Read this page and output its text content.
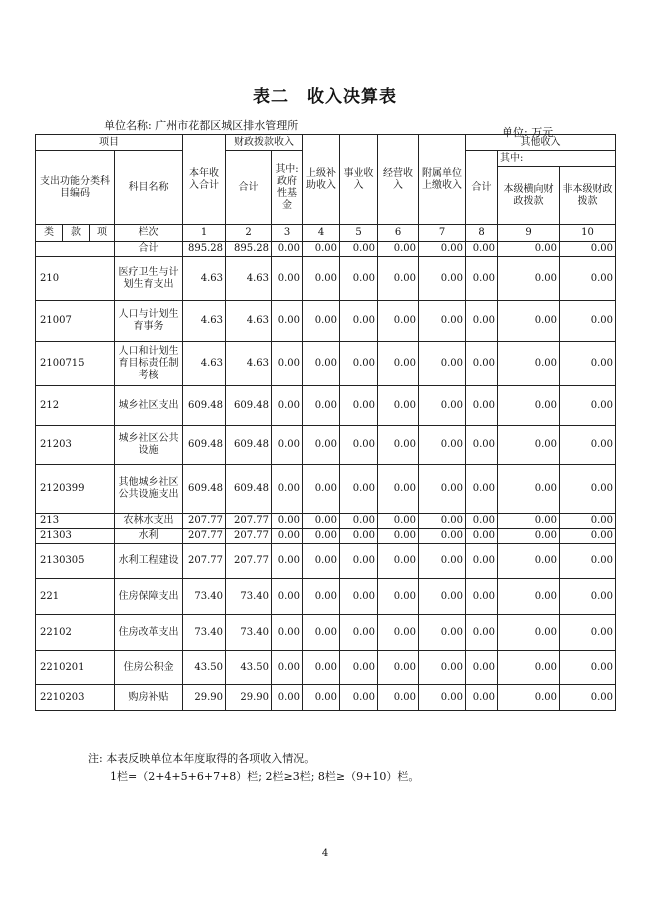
表二　收入决算表
单位名称: 广州市花都区城区排水管理所
单位: 万元
项目				本年收入合计	财政拨款收入		上级补助收入	事业收入	经营收入	附属单位上缴收入	其他收入		
支出功能分类科目编码			科目名称		合计	其中:政府性基金					合计	其中:	
												本级横向财政拨款	非本级财政拨款
类	款	项	栏次	1	2	3	4	5	6	7	8	9	10
			合计	895.28	895.28	0.00	0.00	0.00	0.00	0.00	0.00	0.00	0.00
210			医疗卫生与计划生育支出	4.63	4.63	0.00	0.00	0.00	0.00	0.00	0.00	0.00	0.00
21007			人口与计划生育事务	4.63	4.63	0.00	0.00	0.00	0.00	0.00	0.00	0.00	0.00
2100715			人口和计划生育目标责任制考核	4.63	4.63	0.00	0.00	0.00	0.00	0.00	0.00	0.00	0.00
212			城乡社区支出	609.48	609.48	0.00	0.00	0.00	0.00	0.00	0.00	0.00	0.00
21203			城乡社区公共设施	609.48	609.48	0.00	0.00	0.00	0.00	0.00	0.00	0.00	0.00
2120399			其他城乡社区公共设施支出	609.48	609.48	0.00	0.00	0.00	0.00	0.00	0.00	0.00	0.00
213			农林水支出	207.77	207.77	0.00	0.00	0.00	0.00	0.00	0.00	0.00	0.00
21303			水利	207.77	207.77	0.00	0.00	0.00	0.00	0.00	0.00	0.00	0.00
2130305			水利工程建设	207.77	207.77	0.00	0.00	0.00	0.00	0.00	0.00	0.00	0.00
221			住房保障支出	73.40	73.40	0.00	0.00	0.00	0.00	0.00	0.00	0.00	0.00
22102			住房改革支出	73.40	73.40	0.00	0.00	0.00	0.00	0.00	0.00	0.00	0.00
2210201			住房公积金	43.50	43.50	0.00	0.00	0.00	0.00	0.00	0.00	0.00	0.00
2210203			购房补贴	29.90	29.90	0.00	0.00	0.00	0.00	0.00	0.00	0.00	0.00
注: 本表反映单位本年度取得的各项收入情况。
1栏=（2+4+5+6+7+8）栏; 2栏≥3栏; 8栏≥（9+10）栏。
4
